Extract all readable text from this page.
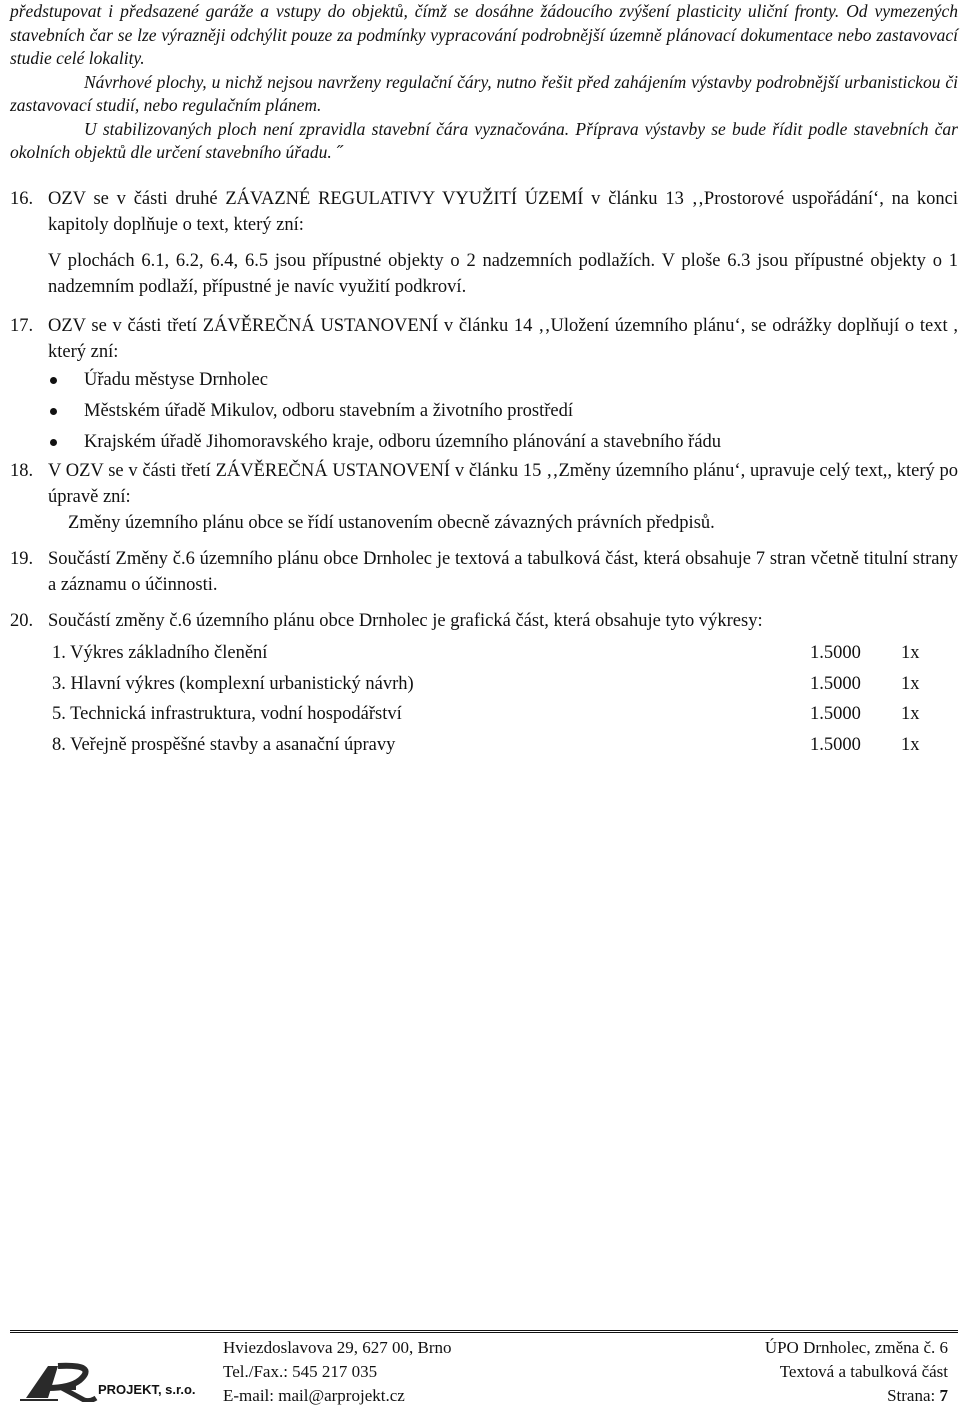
předstupovat i předsazené garáže a vstupy do objektů, čímž se dosáhne žádoucího zvýšení plasticity uliční fronty. Od vymezených stavebních čar se lze výrazněji odchýlit pouze za podmínky vypracování podrobnější územně plánovací dokumentace nebo zastavovací studie celé lokality.

Návrhové plochy, u nichž nejsou navrženy regulační čáry, nutno řešit před zahájením výstavby podrobnější urbanistickou či zastavovací studií, nebo regulačním plánem.

U stabilizovaných ploch není zpravidla stavební čára vyznačována. Příprava výstavby se bude řídit podle stavebních čar okolních objektů dle určení stavebního úřadu. ˝

16. OZV se v části druhé ZÁVAZNÉ REGULATIVY VYUŽITÍ ÚZEMÍ v článku 13 ‚‚Prostorové uspořádání‘, na konci kapitoly doplňuje o text, který zní:

V plochách 6.1, 6.2, 6.4, 6.5 jsou přípustné objekty o 2 nadzemních podlažích. V ploše 6.3 jsou přípustné objekty o 1 nadzemním podlaží, přípustné je navíc využití podkroví.

17. OZV se v části třetí ZÁVĚREČNÁ USTANOVENÍ v článku 14 ‚‚Uložení územního plánu‘, se odrážky doplňují o text , který zní:

Úřadu městyse Drnholec
Městském úřadě Mikulov, odboru stavebním a životního prostředí
Krajském úřadě Jihomoravského kraje, odboru územního plánování a stavebního řádu
18. V OZV se v části třetí ZÁVĚREČNÁ USTANOVENÍ v článku 15 ‚‚Změny územního plánu‘, upravuje celý text,, který po úpravě zní:

Změny územního plánu obce se řídí ustanovením obecně závazných právních předpisů.

19. Součástí Změny č.6 územního plánu obce Drnholec je textová a tabulková část, která obsahuje 7 stran včetně titulní strany a záznamu o účinnosti.

20. Součástí změny č.6 územního plánu obce Drnholec je grafická část, která obsahuje tyto výkresy:

1. Výkres základního členění	1.5000 1x
3. Hlavní výkres (komplexní urbanistický návrh)	1.5000 1x
5. Technická infrastruktura, vodní hospodářství	1.5000 1x
8. Veřejně prospěšné stavby a asanační úpravy	1.5000 1x
PROJEKT, s.r.o.
Hviezdoslavova 29, 627 00, Brno
Tel./Fax.: 545 217 035
E-mail: mail@arprojekt.cz
ÚPO Drnholec, změna č. 6
Textová a tabulková část
Strana: 7
